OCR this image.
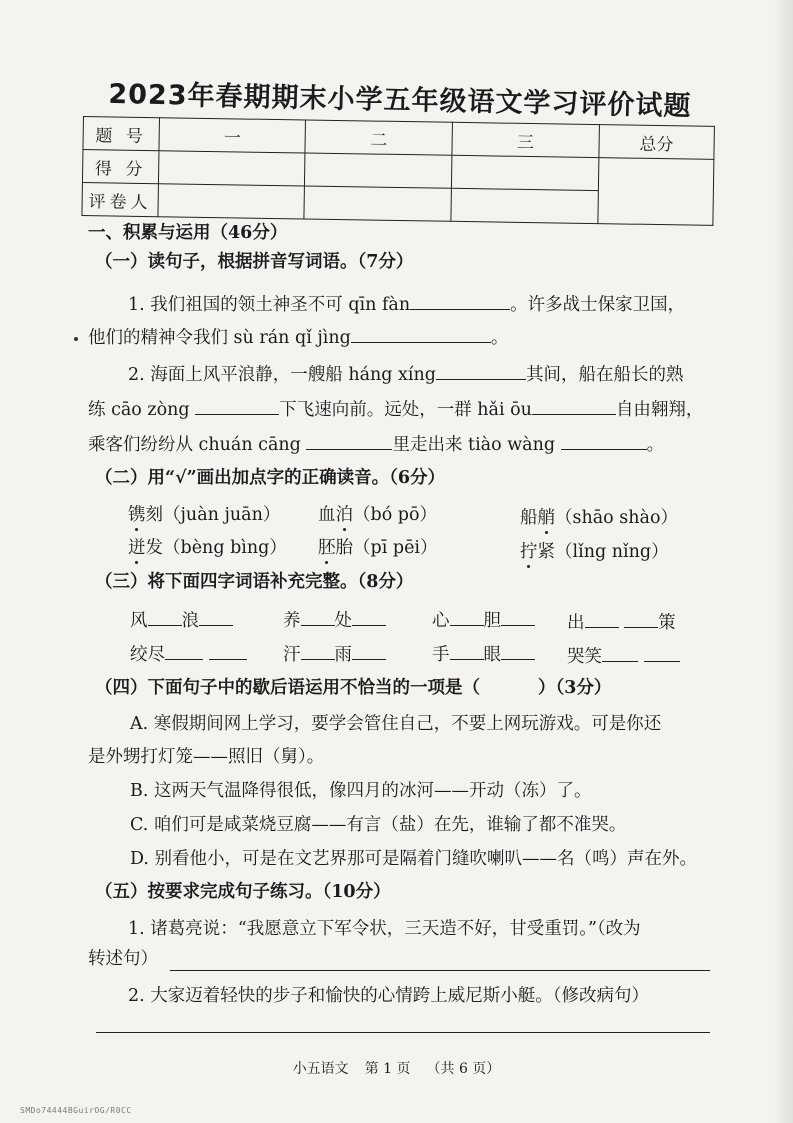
2023年春期期末小学五年级语文学习评价试题
题 号	一	二	三	总分
得 分				
评卷人				
一、积累与运用（46分）
（一）读句子，根据拼音写词语。（7分）
1. 我们祖国的领土神圣不可 qīn fàn	。许多战士保家卫国，
他们的精神令我们 sù rán qǐ jìng	。
2. 海面上风平浪静，一艘船 háng xíng	其间，船在船长的熟
练 cāo zòng	下飞速向前。远处，一群 hǎi ōu	自由翱翔，
乘客们纷纷从 chuán cāng	里走出来 tiào wàng	。
（二）用“√”画出加点字的正确读音。（6分）
镌刻（juàn juān） 血泊（bó pō）	船艄（shāo shào）
迸发（bèng bìng） 胚胎（pī pēi）	拧紧（lǐng nǐng）
（三）将下面四字词语补充完整。（8分）
风 浪	养 处	心 胆	出	策
绞尽	汗 雨	手 眼	哭笑
（四）下面句子中的歇后语运用不恰当的一项是（	）（3分）
A. 寒假期间网上学习，要学会管住自己，不要上网玩游戏。可是你还
是外甥打灯笼——照旧（舅）。
B. 这两天气温降得很低，像四月的冰河——开动（冻）了。
C. 咱们可是咸菜烧豆腐——有言（盐）在先，谁输了都不准哭。
D. 别看他小，可是在文艺界那可是隔着门缝吹喇叭——名（鸣）声在外。
（五）按要求完成句子练习。（10分）
1. 诸葛亮说：“我愿意立下军令状，三天造不好，甘受重罚。”（改为
转述句）
2. 大家迈着轻快的步子和愉快的心情跨上威尼斯小艇。（修改病句）
小五语文 第 1 页 （共 6 页）
SMDo74444BGuirOG/R0CC
